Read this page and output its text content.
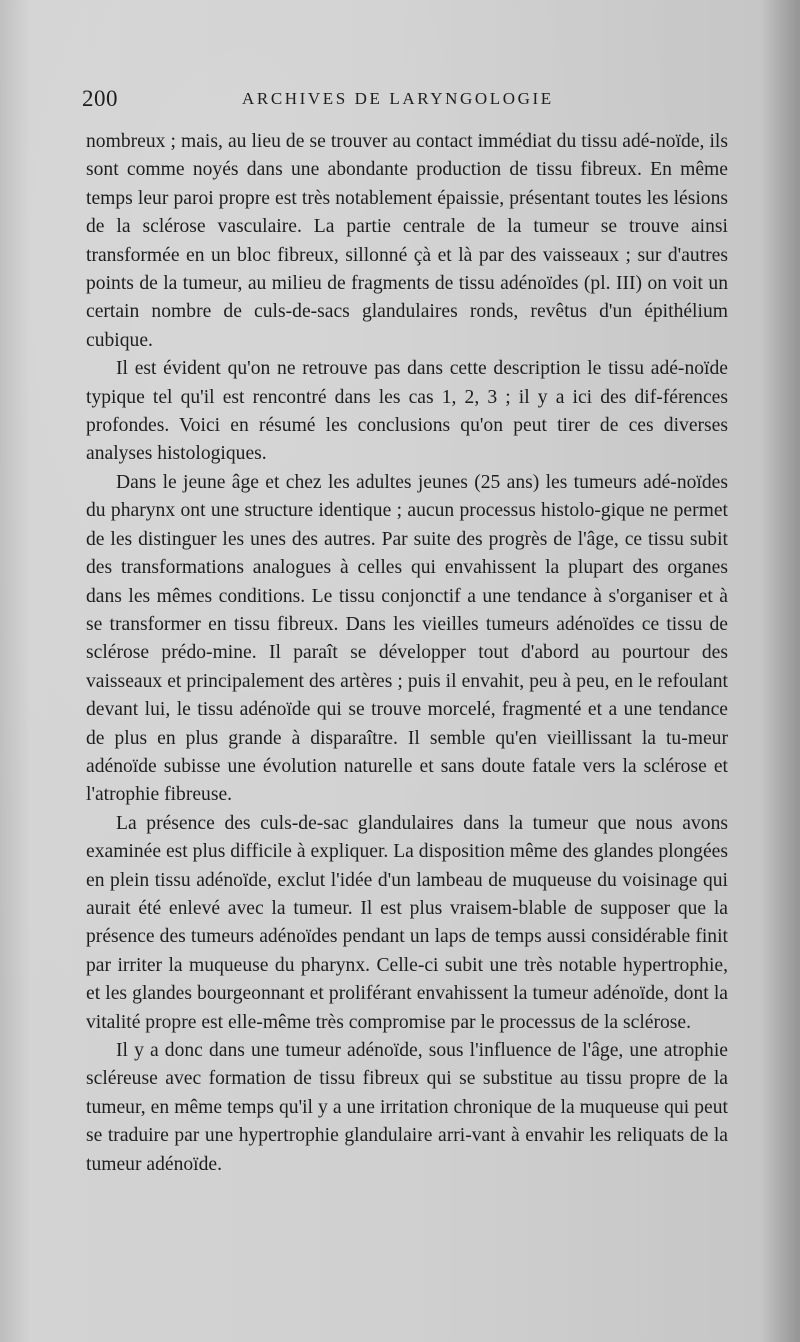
200	ARCHIVES DE LARYNGOLOGIE

nombreux ; mais, au lieu de se trouver au contact immédiat du tissu adé-noïde, ils sont comme noyés dans une abondante production de tissu fibreux. En même temps leur paroi propre est très notablement épaissie, présentant toutes les lésions de la sclérose vasculaire. La partie centrale de la tumeur se trouve ainsi transformée en un bloc fibreux, sillonné çà et là par des vaisseaux ; sur d'autres points de la tumeur, au milieu de fragments de tissu adénoïdes (pl. III) on voit un certain nombre de culs-de-sacs glandulaires ronds, revêtus d'un épithélium cubique.

Il est évident qu'on ne retrouve pas dans cette description le tissu adé-noïde typique tel qu'il est rencontré dans les cas 1, 2, 3 ; il y a ici des dif-férences profondes. Voici en résumé les conclusions qu'on peut tirer de ces diverses analyses histologiques.

Dans le jeune âge et chez les adultes jeunes (25 ans) les tumeurs adé-noïdes du pharynx ont une structure identique ; aucun processus histolo-gique ne permet de les distinguer les unes des autres. Par suite des progrès de l'âge, ce tissu subit des transformations analogues à celles qui envahissent la plupart des organes dans les mêmes conditions. Le tissu conjonctif a une tendance à s'organiser et à se transformer en tissu fibreux. Dans les vieilles tumeurs adénoïdes ce tissu de sclérose prédo-mine. Il paraît se développer tout d'abord au pourtour des vaisseaux et principalement des artères ; puis il envahit, peu à peu, en le refoulant devant lui, le tissu adénoïde qui se trouve morcelé, fragmenté et a une tendance de plus en plus grande à disparaître. Il semble qu'en vieillissant la tu-meur adénoïde subisse une évolution naturelle et sans doute fatale vers la sclérose et l'atrophie fibreuse.

La présence des culs-de-sac glandulaires dans la tumeur que nous avons examinée est plus difficile à expliquer. La disposition même des glandes plongées en plein tissu adénoïde, exclut l'idée d'un lambeau de muqueuse du voisinage qui aurait été enlevé avec la tumeur. Il est plus vraisem-blable de supposer que la présence des tumeurs adénoïdes pendant un laps de temps aussi considérable finit par irriter la muqueuse du pharynx. Celle-ci subit une très notable hypertrophie, et les glandes bourgeonnant et proliférant envahissent la tumeur adénoïde, dont la vitalité propre est elle-même très compromise par le processus de la sclérose.

Il y a donc dans une tumeur adénoïde, sous l'influence de l'âge, une atrophie scléreuse avec formation de tissu fibreux qui se substitue au tissu propre de la tumeur, en même temps qu'il y a une irritation chronique de la muqueuse qui peut se traduire par une hypertrophie glandulaire arri-vant à envahir les reliquats de la tumeur adénoïde.
